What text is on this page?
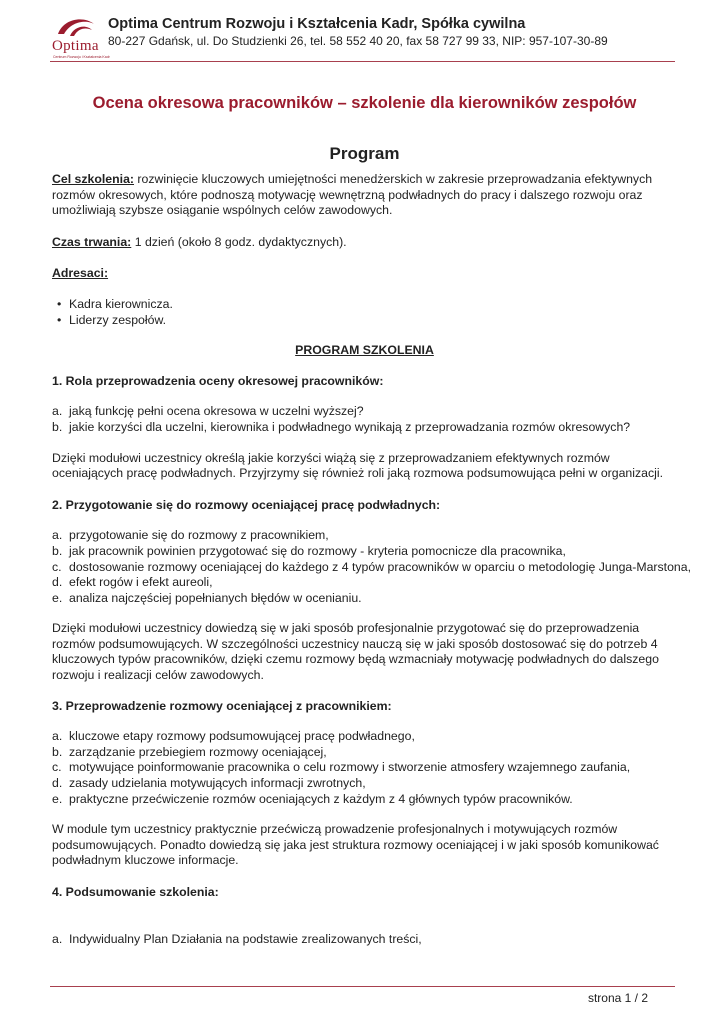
Optima
Centrum Rozwoju i Kształcenia Kadr
Optima Centrum Rozwoju i Kształcenia Kadr, Spółka cywilna
80-227 Gdańsk, ul. Do Studzienki 26, tel. 58 552 40 20, fax 58 727 99 33, NIP: 957-107-30-89
Ocena okresowa pracowników – szkolenie dla kierowników zespołów
Program

Cel szkolenia: rozwinięcie kluczowych umiejętności menedżerskich w zakresie przeprowadzania efektywnych rozmów okresowych, które podnoszą motywację wewnętrzną podwładnych do pracy i dalszego rozwoju oraz umożliwiają szybsze osiąganie wspólnych celów zawodowych.

Czas trwania: 1 dzień (około 8 godz. dydaktycznych).

Adresaci:

• Kadra kierownicza.
• Liderzy zespołów.

PROGRAM SZKOLENIA

1. Rola przeprowadzenia oceny okresowej pracowników:

a. jaką funkcję pełni ocena okresowa w uczelni wyższej?
b. jakie korzyści dla uczelni, kierownika i podwładnego wynikają z przeprowadzania rozmów okresowych?

Dzięki modułowi uczestnicy określą jakie korzyści wiążą się z przeprowadzaniem efektywnych rozmów oceniających pracę podwładnych. Przyjrzymy się również roli jaką rozmowa podsumowująca pełni w organizacji.

2. Przygotowanie się do rozmowy oceniającej pracę podwładnych:

a. przygotowanie się do rozmowy z pracownikiem,
b. jak pracownik powinien przygotować się do rozmowy - kryteria pomocnicze dla pracownika,
c. dostosowanie rozmowy oceniającej do każdego z 4 typów pracowników w oparciu o metodologię Junga-Marstona,
d. efekt rogów i efekt aureoli,
e. analiza najczęściej popełnianych błędów w ocenianiu.

Dzięki modułowi uczestnicy dowiedzą się w jaki sposób profesjonalnie przygotować się do przeprowadzenia rozmów podsumowujących. W szczególności uczestnicy nauczą się w jaki sposób dostosować się do potrzeb 4 kluczowych typów pracowników, dzięki czemu rozmowy będą wzmacniały motywację podwładnych do dalszego rozwoju i realizacji celów zawodowych.

3. Przeprowadzenie rozmowy oceniającej z pracownikiem:

a. kluczowe etapy rozmowy podsumowującej pracę podwładnego,
b. zarządzanie przebiegiem rozmowy oceniającej,
c. motywujące poinformowanie pracownika o celu rozmowy i stworzenie atmosfery wzajemnego zaufania,
d. zasady udzielania motywujących informacji zwrotnych,
e. praktyczne przećwiczenie rozmów oceniających z każdym z 4 głównych typów pracowników.

W module tym uczestnicy praktycznie przećwiczą prowadzenie profesjonalnych i motywujących rozmów podsumowujących. Ponadto dowiedzą się jaka jest struktura rozmowy oceniającej i w jaki sposób komunikować podwładnym kluczowe informacje.

4. Podsumowanie szkolenia:

a. Indywidualny Plan Działania na podstawie zrealizowanych treści,
strona 1 / 2
